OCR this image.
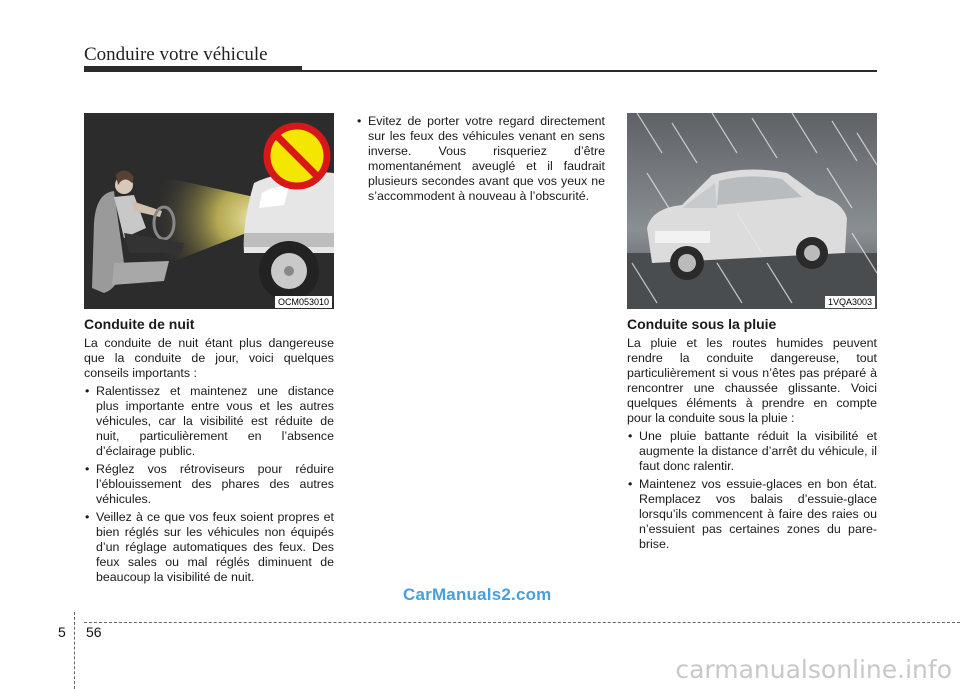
Conduire votre véhicule
OCM053010	1VQA3003
Conduite de nuit

La conduite de nuit étant plus dangereuse que la conduite de jour, voici quelques conseils importants :

• Ralentissez et maintenez une distance plus importante entre vous et les autres véhicules, car la visibilité est réduite de nuit, particulièrement en l’absence d’éclairage public.
• Réglez vos rétroviseurs pour réduire l’éblouissement des phares des autres véhicules.
• Veillez à ce que vos feux soient propres et bien réglés sur les véhicules non équipés d’un réglage automatiques des feux. Des feux sales ou mal réglés diminuent de beaucoup la visibilité de nuit.
• Evitez de porter votre regard directement sur les feux des véhicules venant en sens inverse. Vous risqueriez d’être momentanément aveuglé et il faudrait plusieurs secondes avant que vos yeux ne s’accommodent à nouveau à l’obscurité.
Conduite sous la pluie

La pluie et les routes humides peuvent rendre la conduite dangereuse, tout particulièrement si vous n’êtes pas préparé à rencontrer une chaussée glissante. Voici quelques éléments à prendre en compte pour la conduite sous la pluie :

• Une pluie battante réduit la visibilité et augmente la distance d’arrêt du véhicule, il faut donc ralentir.
• Maintenez vos essuie-glaces en bon état. Remplacez vos balais d’essuie-glace lorsqu’ils commencent à faire des raies ou n’essuient pas certaines zones du pare-brise.
CarManuals2.com
5 56
carmanualsonline.info
